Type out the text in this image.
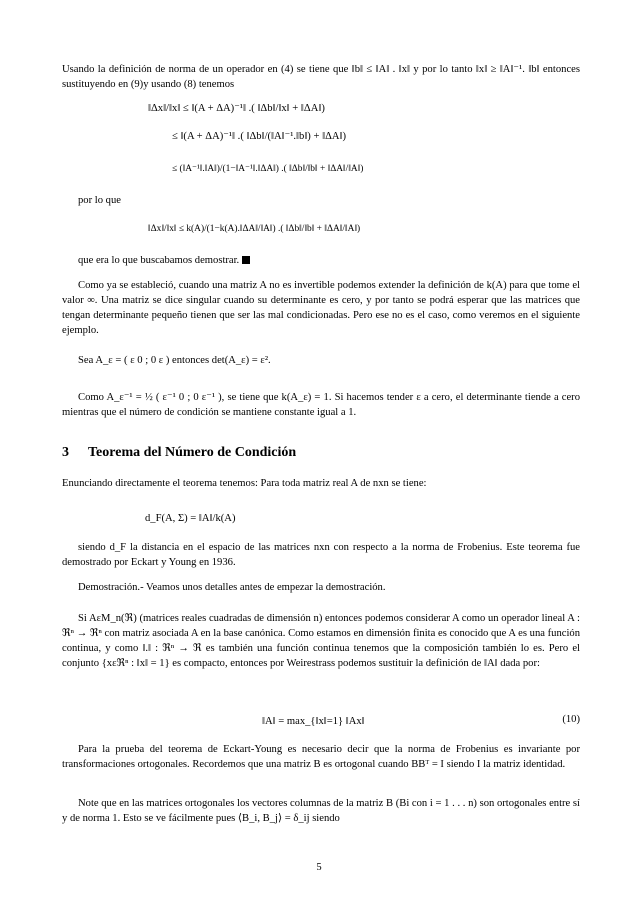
Usando la definición de norma de un operador en (4) se tiene que ‖b‖ ≤ ‖A‖ . ‖x‖ y por lo tanto ‖x‖ ≥ ‖A‖⁻¹. ‖b‖ entonces sustituyendo en (9)y usando (8) tenemos

‖Δx‖/‖x‖ ≤ ‖(A + ΔA)⁻¹‖ .( ‖Δb‖/‖x‖ + ‖ΔA‖)
≤ ‖(A + ΔA)⁻¹‖ .( ‖Δb‖/(‖A‖⁻¹.‖b‖) + ‖ΔA‖)
≤ (‖A⁻¹‖.‖A‖)/(1−‖A⁻¹‖.‖ΔA‖) .( ‖Δb‖/‖b‖ + ‖ΔA‖/‖A‖)

por lo que

‖Δx‖/‖x‖ ≤ k(A)/(1−k(A).‖ΔA‖/‖A‖) .( ‖Δb‖/‖b‖ + ‖ΔA‖/‖A‖)

que era lo que buscabamos demostrar.

Como ya se estableció, cuando una matriz A no es invertible podemos extender la definición de k(A) para que tome el valor ∞. Una matriz se dice singular cuando su determinante es cero, y por tanto se podrá esperar que las matrices que tengan determinante pequeño tienen que ser las mal condicionadas. Pero ese no es el caso, como veremos en el siguiente ejemplo.

Sea A_ε = ( ε 0 ; 0 ε ) entonces det(A_ε) = ε².

Como A_ε⁻¹ = ½ ( ε⁻¹ 0 ; 0 ε⁻¹ ), se tiene que k(A_ε) = 1. Si hacemos tender ε a cero, el determinante tiende a cero mientras que el número de condición se mantiene constante igual a 1.

3 Teorema del Número de Condición

Enunciando directamente el teorema tenemos: Para toda matriz real A de nxn se tiene:

d_F(A, Σ) = ‖A‖/k(A)

siendo d_F la distancia en el espacio de las matrices nxn con respecto a la norma de Frobenius. Este teorema fue demostrado por Eckart y Young en 1936.

Demostración.- Veamos unos detalles antes de empezar la demostración.

Si AεM_n(ℜ) (matrices reales cuadradas de dimensión n) entonces podemos considerar A como un operador lineal A : ℜⁿ → ℜⁿ con matriz asociada A en la base canónica. Como estamos en dimensión finita es conocido que A es una función continua, y como ‖.‖ : ℜⁿ → ℜ es también una función continua tenemos que la composición también lo es. Pero el conjunto {xεℜⁿ : ‖x‖ = 1} es compacto, entonces por Weirestrass podemos sustituir la definición de ‖A‖ dada por:

‖A‖ = max_{‖x‖=1} ‖Ax‖	(10)

Para la prueba del teorema de Eckart-Young es necesario decir que la norma de Frobenius es invariante por transformaciones ortogonales. Recordemos que una matriz B es ortogonal cuando BBᵀ = I siendo I la matriz identidad.

Note que en las matrices ortogonales los vectores columnas de la matriz B (Bi con i = 1 . . . n) son ortogonales entre sí y de norma 1. Esto se ve fácilmente pues ⟨B_i, B_j⟩ = δ_ij siendo

5
